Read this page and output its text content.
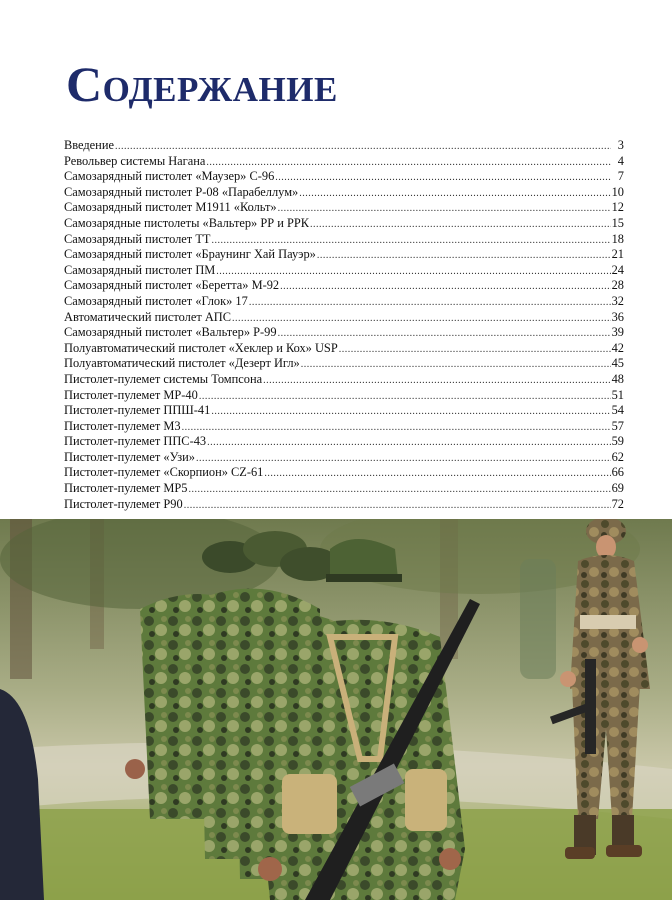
Содержание
Введение .....	3
Револьвер системы Нагана .....	4
Самозарядный пистолет «Маузер» С-96 .....	7
Самозарядный пистолет Р-08 «Парабеллум» .....	10
Самозарядный пистолет М1911 «Кольт» .....	12
Самозарядные пистолеты «Вальтер» РР и РРК .....	15
Самозарядный пистолет ТТ .....	18
Самозарядный пистолет «Браунинг Хай Пауэр» .....	21
Самозарядный пистолет ПМ .....	24
Самозарядный пистолет «Беретта» М-92 .....	28
Самозарядный пистолет «Глок» 17 .....	32
Автоматический пистолет АПС .....	36
Самозарядный пистолет «Вальтер» Р-99 .....	39
Полуавтоматический пистолет «Хеклер и Кох» USP .....	42
Полуавтоматический пистолет «Дезерт Игл» .....	45
Пистолет-пулемет системы Томпсона .....	48
Пистолет-пулемет МР-40 .....	51
Пистолет-пулемет ППШ-41 .....	54
Пистолет-пулемет М3 .....	57
Пистолет-пулемет ППС-43 .....	59
Пистолет-пулемет «Узи» .....	62
Пистолет-пулемет «Скорпион» CZ-61 .....	66
Пистолет-пулемет МР5 .....	69
Пистолет-пулемет Р90 .....	72
